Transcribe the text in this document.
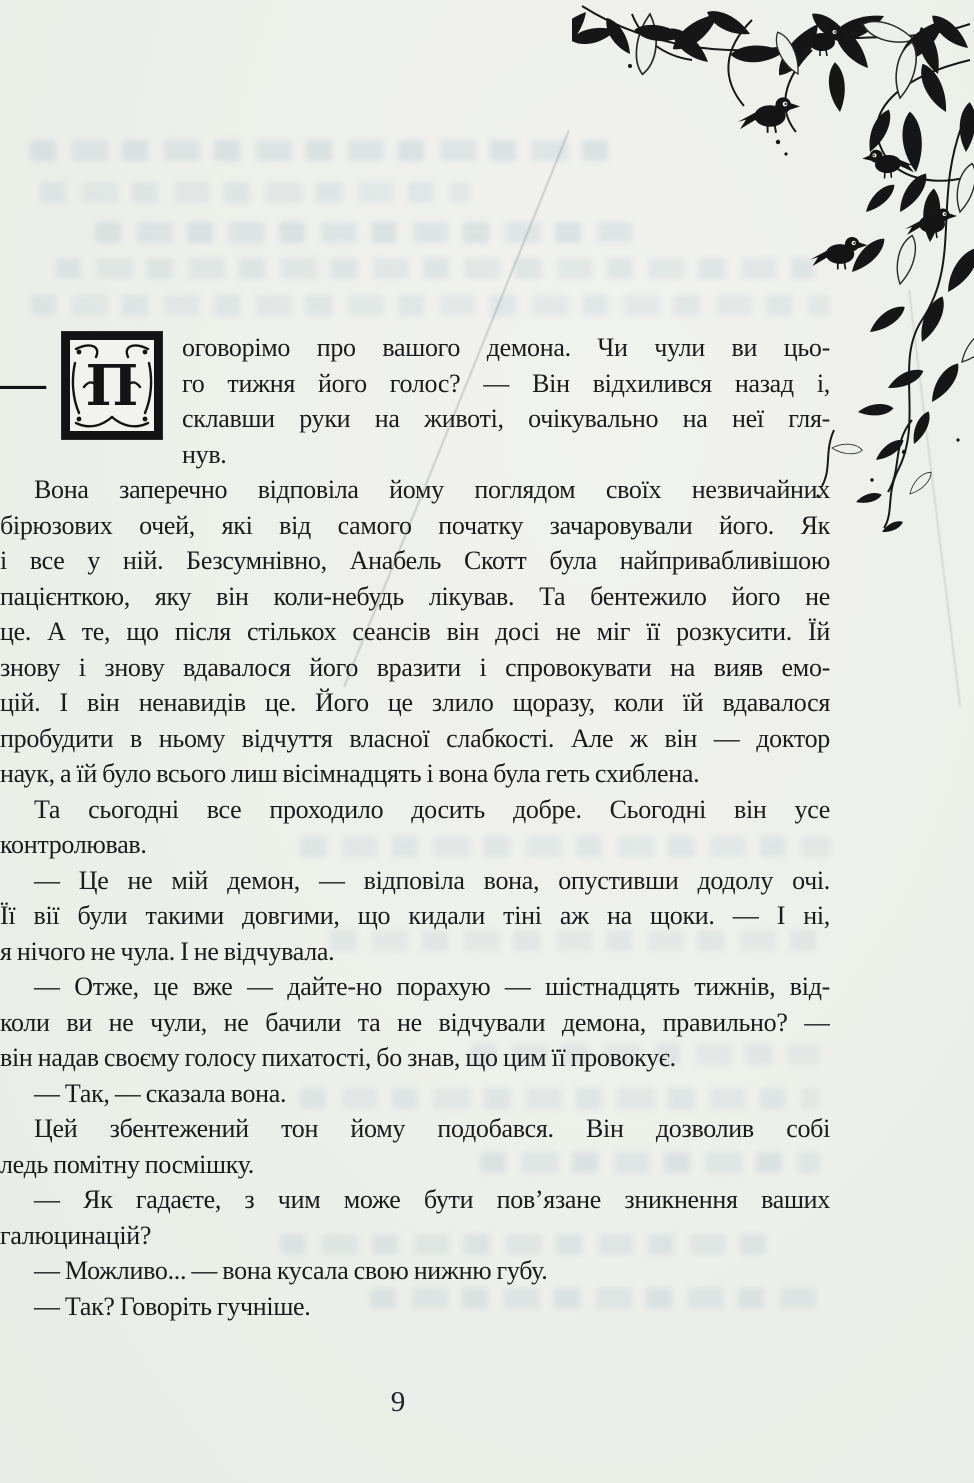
— П
оговорімо про вашого демона. Чи чули ви цьо-
го тижня його голос? — Він відхилився назад і,
склавши руки на животі, очікувально на неї гля-
нув.
Вона заперечно відповіла йому поглядом своїх незвичайних
бірюзових очей, які від самого початку зачаровували його. Як
і все у ній. Безсумнівно, Анабель Скотт була найпривабливішою
пацієнткою, яку він коли-небудь лікував. Та бентежило його не
це. А те, що після стількох сеансів він досі не міг її розкусити. Їй
знову і знову вдавалося його вразити і спровокувати на вияв емо-
цій. І він ненавидів це. Його це злило щоразу, коли їй вдавалося
пробудити в ньому відчуття власної слабкості. Але ж він — доктор
наук, а їй було всього лиш вісімнадцять і вона була геть схиблена.
Та сьогодні все проходило досить добре. Сьогодні він усе
контролював.
— Це не мій демон, — відповіла вона, опустивши додолу очі.
Її вії були такими довгими, що кидали тіні аж на щоки. — І ні,
я нічого не чула. І не відчувала.
— Отже, це вже — дайте-но порахую — шістнадцять тижнів, від-
коли ви не чули, не бачили та не відчували демона, правильно? —
він надав своєму голосу пихатості, бо знав, що цим її провокує.
— Так, — сказала вона.
Цей збентежений тон йому подобався. Він дозволив собі
ледь помітну посмішку.
— Як гадаєте, з чим може бути пов’язане зникнення ваших
галюцинацій?
— Можливо... — вона кусала свою нижню губу.
— Так? Говоріть гучніше.
9
